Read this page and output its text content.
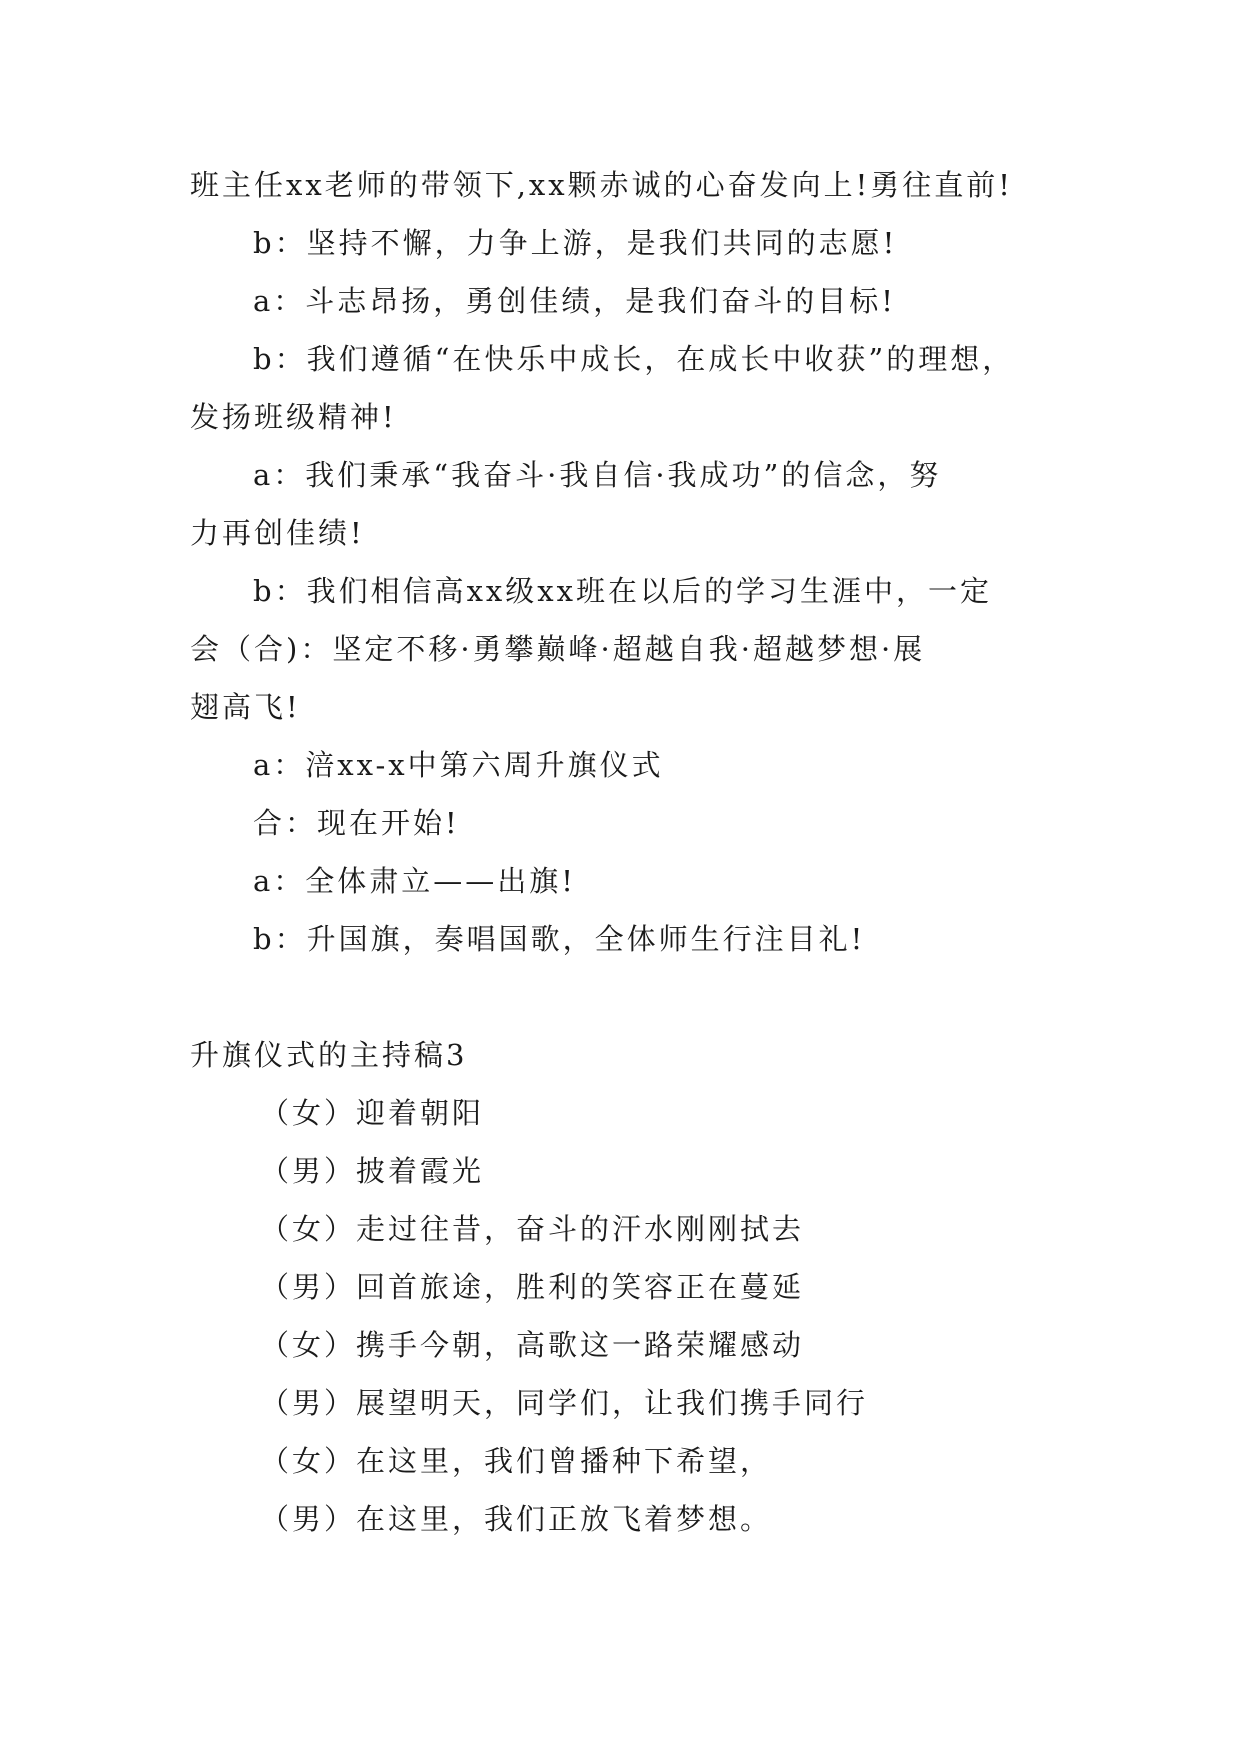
班主任xx老师的带领下,xx颗赤诚的心奋发向上!勇往直前!
b：坚持不懈，力争上游，是我们共同的志愿!
a：斗志昂扬，勇创佳绩，是我们奋斗的目标!
b：我们遵循“在快乐中成长，在成长中收获”的理想，
发扬班级精神!
a：我们秉承“我奋斗·我自信·我成功”的信念，努
力再创佳绩!
b：我们相信高xx级xx班在以后的学习生涯中，一定
会（合)：坚定不移·勇攀巅峰·超越自我·超越梦想·展
翅高飞!
a：涪xx-x中第六周升旗仪式
合：现在开始!
a：全体肃立——出旗!
b：升国旗，奏唱国歌，全体师生行注目礼!
升旗仪式的主持稿3
（女）迎着朝阳
（男）披着霞光
（女）走过往昔，奋斗的汗水刚刚拭去
（男）回首旅途，胜利的笑容正在蔓延
（女）携手今朝，高歌这一路荣耀感动
（男）展望明天，同学们，让我们携手同行
（女）在这里，我们曾播种下希望，
（男）在这里，我们正放飞着梦想。
